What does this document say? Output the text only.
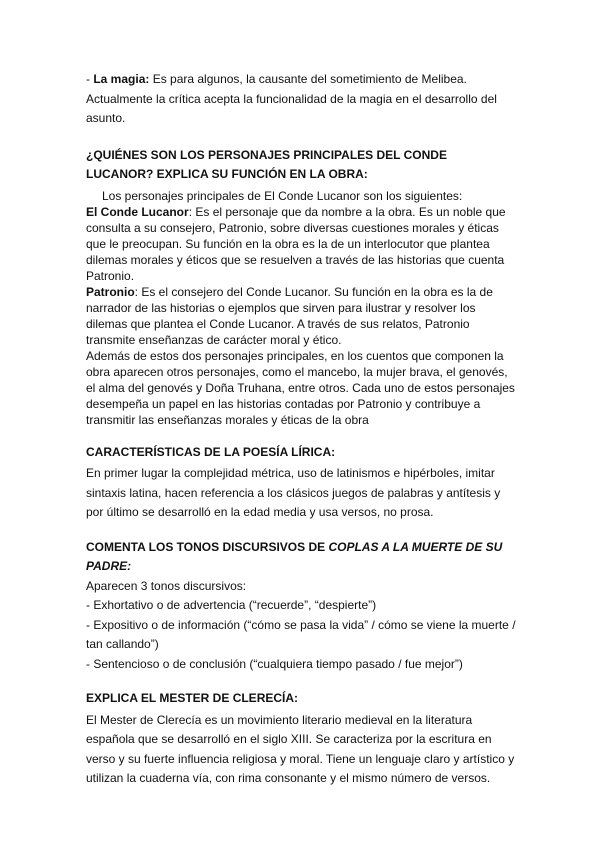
- La magia: Es para algunos, la causante del sometimiento de Melibea. Actualmente la crítica acepta la funcionalidad de la magia en el desarrollo del asunto.

¿QUIÉNES SON LOS PERSONAJES PRINCIPALES DEL CONDE LUCANOR? EXPLICA SU FUNCIÓN EN LA OBRA:

Los personajes principales de El Conde Lucanor son los siguientes:

El Conde Lucanor: Es el personaje que da nombre a la obra. Es un noble que consulta a su consejero, Patronio, sobre diversas cuestiones morales y éticas que le preocupan. Su función en la obra es la de un interlocutor que plantea dilemas morales y éticos que se resuelven a través de las historias que cuenta Patronio.

Patronio: Es el consejero del Conde Lucanor. Su función en la obra es la de narrador de las historias o ejemplos que sirven para ilustrar y resolver los dilemas que plantea el Conde Lucanor. A través de sus relatos, Patronio transmite enseñanzas de carácter moral y ético.

Además de estos dos personajes principales, en los cuentos que componen la obra aparecen otros personajes, como el mancebo, la mujer brava, el genovés, el alma del genovés y Doña Truhana, entre otros. Cada uno de estos personajes desempeña un papel en las historias contadas por Patronio y contribuye a transmitir las enseñanzas morales y éticas de la obra

CARACTERÍSTICAS DE LA POESÍA LÍRICA:

En primer lugar la complejidad métrica, uso de latinismos e hipérboles, imitar sintaxis latina, hacen referencia a los clásicos juegos de palabras y antítesis y por último se desarrolló en la edad media y usa versos, no prosa.

COMENTA LOS TONOS DISCURSIVOS DE COPLAS A LA MUERTE DE SU PADRE:

Aparecen 3 tonos discursivos:

- Exhortativo o de advertencia (“recuerde”, “despierte”)

- Expositivo o de información (“cómo se pasa la vida” / cómo se viene la muerte / tan callando”)

- Sentencioso o de conclusión (“cualquiera tiempo pasado / fue mejor”)

EXPLICA EL MESTER DE CLERECÍA:

El Mester de Clerecía es un movimiento literario medieval en la literatura española que se desarrolló en el siglo XIII. Se caracteriza por la escritura en verso y su fuerte influencia religiosa y moral. Tiene un lenguaje claro y artístico y utilizan la cuaderna vía, con rima consonante y el mismo número de versos.
